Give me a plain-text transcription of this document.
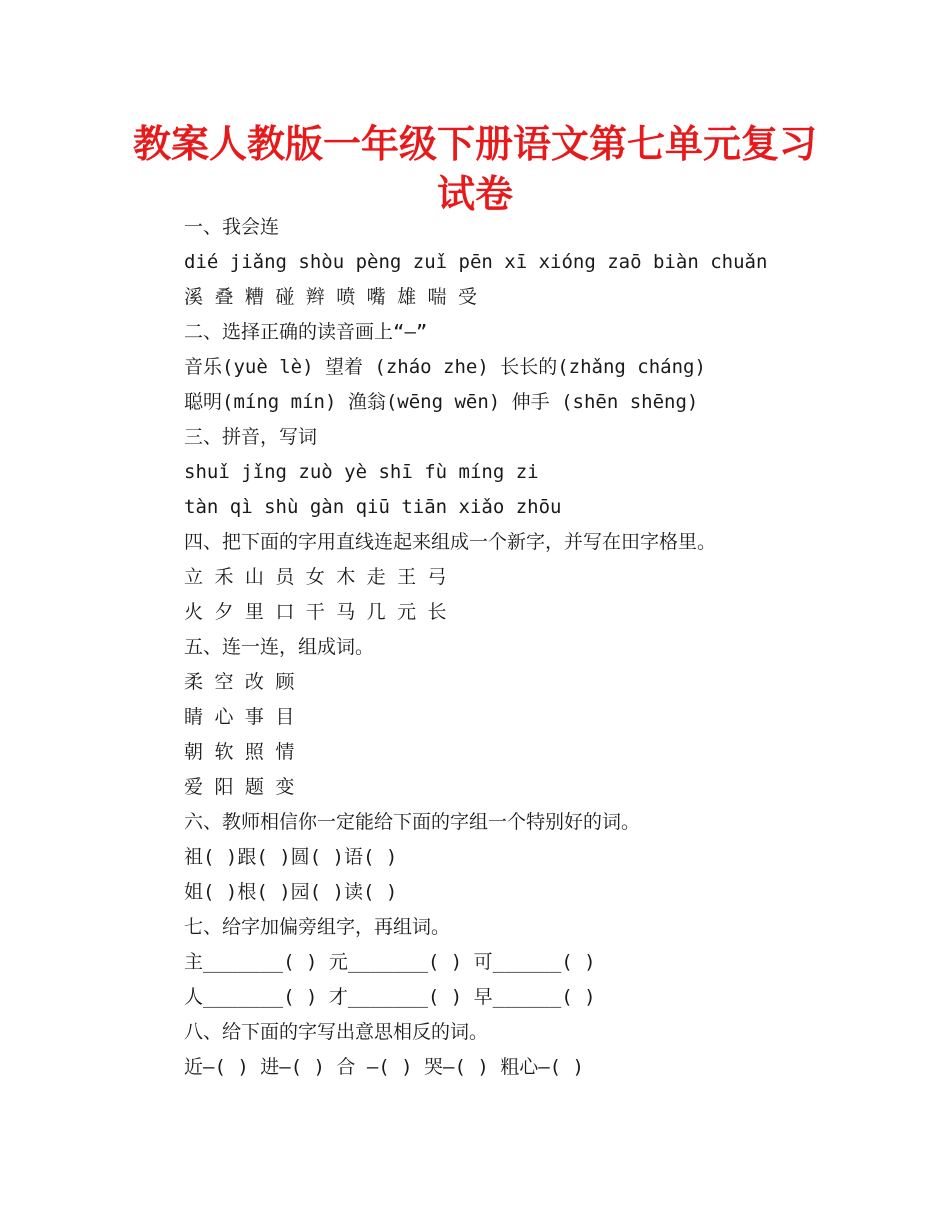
教案人教版一年级下册语文第七单元复习
试卷
一、我会连
dié jiǎng shòu pèng zuǐ pēn xī xióng zaō biàn chuǎn
溪 叠 糟 碰 辫 喷 嘴 雄 喘 受
二、选择正确的读音画上“—”
音乐(yuè lè) 望着 (zháo zhe) 长长的(zhǎng cháng)
聪明(míng mín) 渔翁(wēng wēn) 伸手 (shēn shēng)
三、拼音，写词
shuǐ jǐng zuò yè shī fù míng zi
tàn qì shù gàn qiū tiān xiǎo zhōu
四、把下面的字用直线连起来组成一个新字，并写在田字格里。
立 禾 山 员 女 木 走 王 弓
火 夕 里 口 干 马 几 元 长
五、连一连，组成词。
柔 空 改 顾
睛 心 事 目
朝 软 照 情
爱 阳 题 变
六、教师相信你一定能给下面的字组一个特别好的词。
祖( )跟( )圆( )语( )
姐( )根( )园( )读( )
七、给字加偏旁组字，再组词。
主_______( ) 元_______( ) 可______( )
人_______( ) 才_______( ) 早______( )
八、给下面的字写出意思相反的词。
近—( ) 进—( ) 合 —( ) 哭—( ) 粗心—( )
